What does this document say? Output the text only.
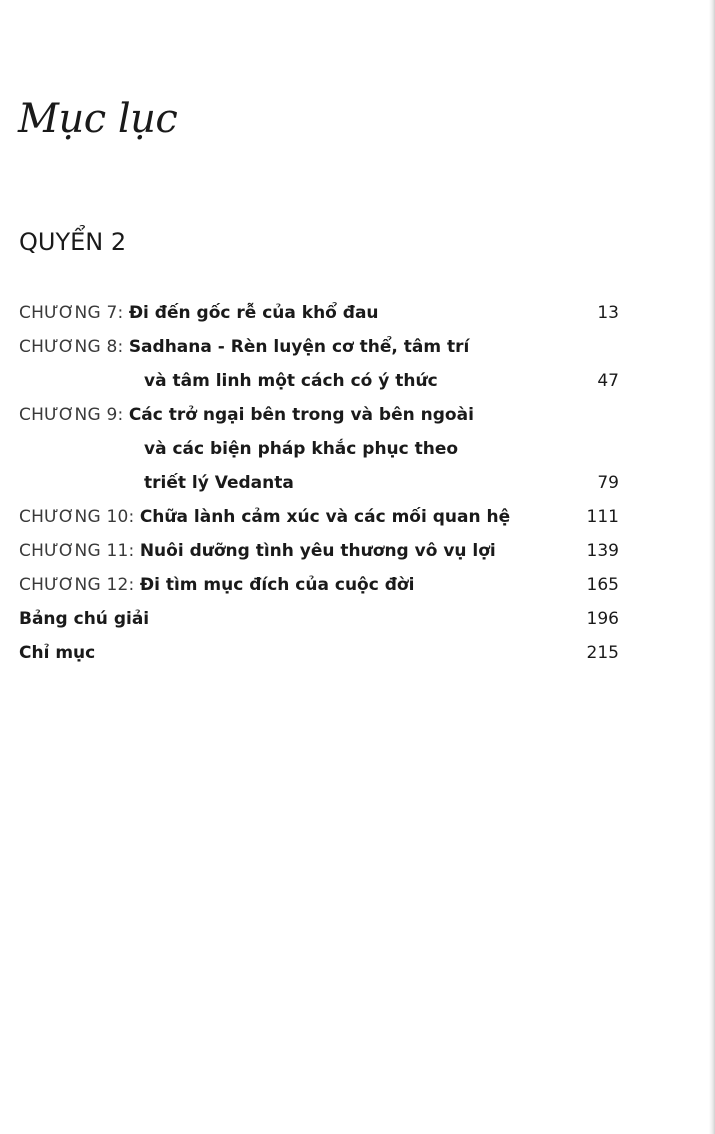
Mục lục
QUYỂN 2
CHƯƠNG 7: Đi đến gốc rễ của khổ đau	13
CHƯƠNG 8: Sadhana - Rèn luyện cơ thể, tâm trí
và tâm linh một cách có ý thức	47
CHƯƠNG 9: Các trở ngại bên trong và bên ngoài
và các biện pháp khắc phục theo
triết lý Vedanta	79
CHƯƠNG 10: Chữa lành cảm xúc và các mối quan hệ	111
CHƯƠNG 11: Nuôi dưỡng tình yêu thương vô vụ lợi	139
CHƯƠNG 12: Đi tìm mục đích của cuộc đời	165
Bảng chú giải	196
Chỉ mục	215
